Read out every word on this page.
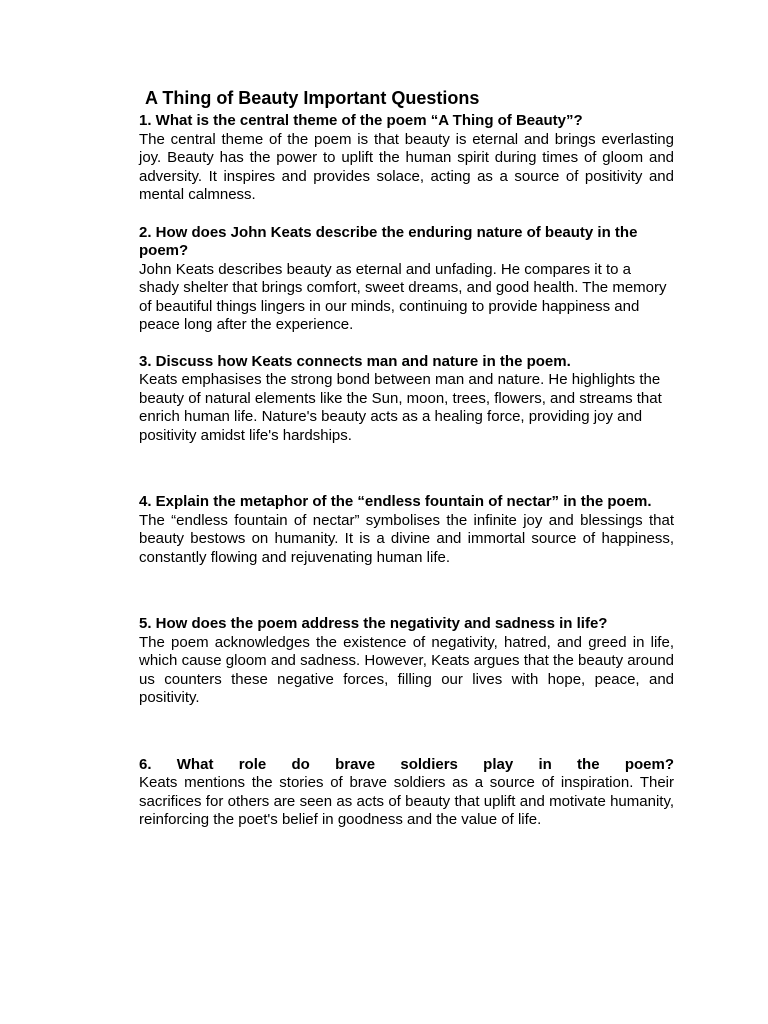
A Thing of Beauty Important Questions
1. What is the central theme of the poem “A Thing of Beauty”?
The central theme of the poem is that beauty is eternal and brings everlasting joy. Beauty has the power to uplift the human spirit during times of gloom and adversity. It inspires and provides solace, acting as a source of positivity and mental calmness.
2. How does John Keats describe the enduring nature of beauty in the poem?
John Keats describes beauty as eternal and unfading. He compares it to a shady shelter that brings comfort, sweet dreams, and good health. The memory of beautiful things lingers in our minds, continuing to provide happiness and peace long after the experience.
3. Discuss how Keats connects man and nature in the poem.
Keats emphasises the strong bond between man and nature. He highlights the beauty of natural elements like the Sun, moon, trees, flowers, and streams that enrich human life. Nature's beauty acts as a healing force, providing joy and positivity amidst life's hardships.
4. Explain the metaphor of the “endless fountain of nectar” in the poem.
The “endless fountain of nectar” symbolises the infinite joy and blessings that beauty bestows on humanity. It is a divine and immortal source of happiness, constantly flowing and rejuvenating human life.
5. How does the poem address the negativity and sadness in life?
The poem acknowledges the existence of negativity, hatred, and greed in life, which cause gloom and sadness. However, Keats argues that the beauty around us counters these negative forces, filling our lives with hope, peace, and positivity.
6. What role do brave soldiers play in the poem?
Keats mentions the stories of brave soldiers as a source of inspiration. Their sacrifices for others are seen as acts of beauty that uplift and motivate humanity, reinforcing the poet's belief in goodness and the value of life.
